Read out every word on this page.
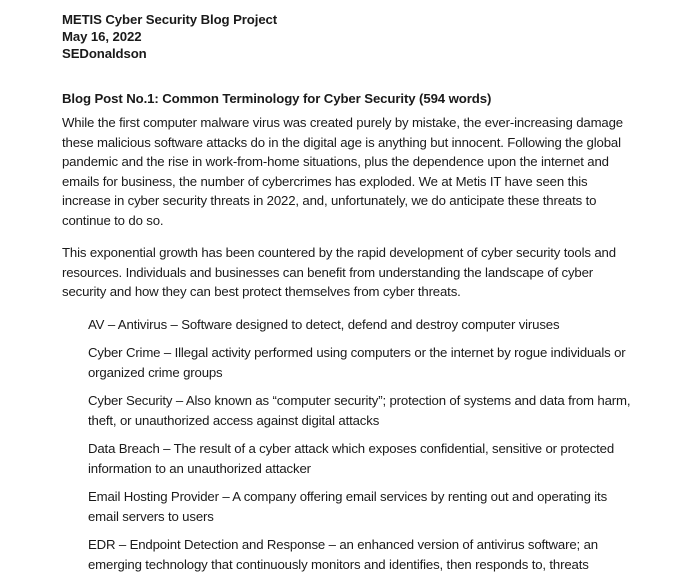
METIS Cyber Security Blog Project
May 16, 2022
SEDonaldson
Blog Post No.1: Common Terminology for Cyber Security (594 words)

While the first computer malware virus was created purely by mistake, the ever-increasing damage these malicious software attacks do in the digital age is anything but innocent. Following the global pandemic and the rise in work-from-home situations, plus the dependence upon the internet and emails for business, the number of cybercrimes has exploded. We at Metis IT have seen this increase in cyber security threats in 2022, and, unfortunately, we do anticipate these threats to continue to do so.

This exponential growth has been countered by the rapid development of cyber security tools and resources. Individuals and businesses can benefit from understanding the landscape of cyber security and how they can best protect themselves from cyber threats.

AV – Antivirus – Software designed to detect, defend and destroy computer viruses
Cyber Crime – Illegal activity performed using computers or the internet by rogue individuals or organized crime groups
Cyber Security – Also known as “computer security”; protection of systems and data from harm, theft, or unauthorized access against digital attacks
Data Breach – The result of a cyber attack which exposes confidential, sensitive or protected information to an unauthorized attacker
Email Hosting Provider – A company offering email services by renting out and operating its email servers to users
EDR – Endpoint Detection and Response – an enhanced version of antivirus software; an emerging technology that continuously monitors and identifies, then responds to, threats
